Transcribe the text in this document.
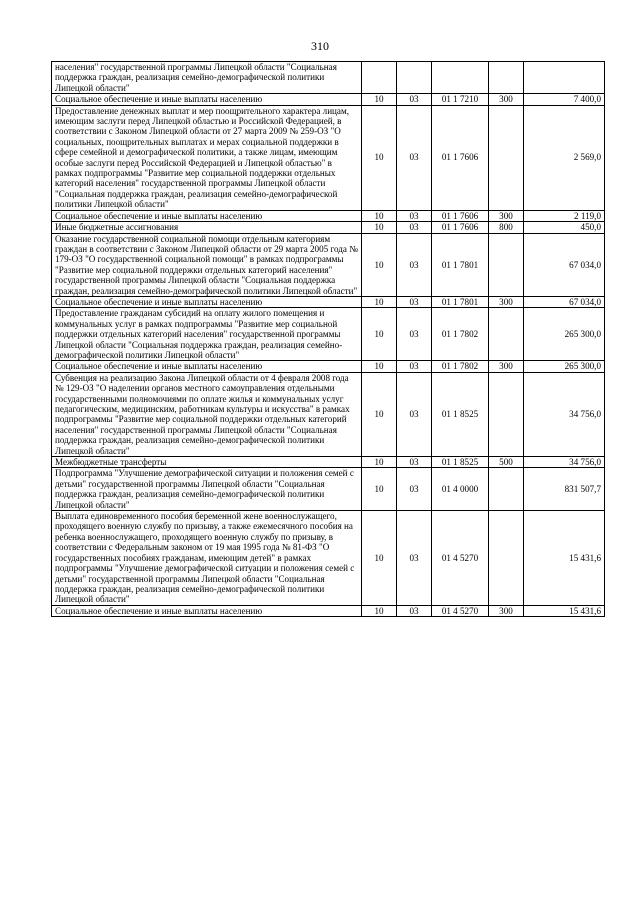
310
населения" государственной программы Липецкой области "Социальная поддержка граждан, реализация семейно-демографической политики Липецкой области"					
Социальное обеспечение и иные выплаты населению	10	03	01 1 7210	300	7 400,0
Предоставление денежных выплат и мер поощрительного характера лицам, имеющим заслуги перед Липецкой областью и Российской Федерацией, в соответствии с Законом Липецкой области от 27 марта 2009 № 259-ОЗ "О социальных, поощрительных выплатах и мерах социальной поддержки в сфере семейной и демографической политики, а также лицам, имеющим особые заслуги перед Российской Федерацией и Липецкой областью" в рамках подпрограммы "Развитие мер социальной поддержки отдельных категорий населения" государственной программы Липецкой области "Социальная поддержка граждан, реализация семейно-демографической политики Липецкой области"	10	03	01 1 7606		2 569,0
Социальное обеспечение и иные выплаты населению	10	03	01 1 7606	300	2 119,0
Иные бюджетные ассигнования	10	03	01 1 7606	800	450,0
Оказание государственной социальной помощи отдельным категориям граждан в соответствии с Законом Липецкой области от 29 марта 2005 года № 179-ОЗ "О государственной социальной помощи" в рамках подпрограммы "Развитие мер социальной поддержки отдельных категорий населения" государственной программы Липецкой области "Социальная поддержка граждан, реализация семейно-демографической политики Липецкой области"	10	03	01 1 7801		67 034,0
Социальное обеспечение и иные выплаты населению	10	03	01 1 7801	300	67 034,0
Предоставление гражданам субсидий на оплату жилого помещения и коммунальных услуг в рамках подпрограммы "Развитие мер социальной поддержки отдельных категорий населения" государственной программы Липецкой области "Социальная поддержка граждан, реализация семейно-демографической политики Липецкой области"	10	03	01 1 7802		265 300,0
Социальное обеспечение и иные выплаты населению	10	03	01 1 7802	300	265 300,0
Субвенция на реализацию Закона Липецкой области от 4 февраля 2008 года № 129-ОЗ "О наделении органов местного самоуправления отдельными государственными полномочиями по оплате жилья и коммунальных услуг педагогическим, медицинским, работникам культуры и искусства" в рамках подпрограммы "Развитие мер социальной поддержки отдельных категорий населения" государственной программы Липецкой области "Социальная поддержка граждан, реализация семейно-демографической политики Липецкой области"	10	03	01 1 8525		34 756,0
Межбюджетные трансферты	10	03	01 1 8525	500	34 756,0
Подпрограмма "Улучшение демографической ситуации и положения семей с детьми" государственной программы Липецкой области "Социальная поддержка граждан, реализация семейно-демографической политики Липецкой области"	10	03	01 4 0000		831 507,7
Выплата единовременного пособия беременной жене военнослужащего, проходящего военную службу по призыву, а также ежемесячного пособия на ребенка военнослужащего, проходящего военную службу по призыву, в соответствии с Федеральным законом от 19 мая 1995 года № 81-ФЗ "О государственных пособиях гражданам, имеющим детей" в рамках подпрограммы "Улучшение демографической ситуации и положения семей с детьми" государственной программы Липецкой области "Социальная поддержка граждан, реализация семейно-демографической политики Липецкой области"	10	03	01 4 5270		15 431,6
Социальное обеспечение и иные выплаты населению	10	03	01 4 5270	300	15 431,6
